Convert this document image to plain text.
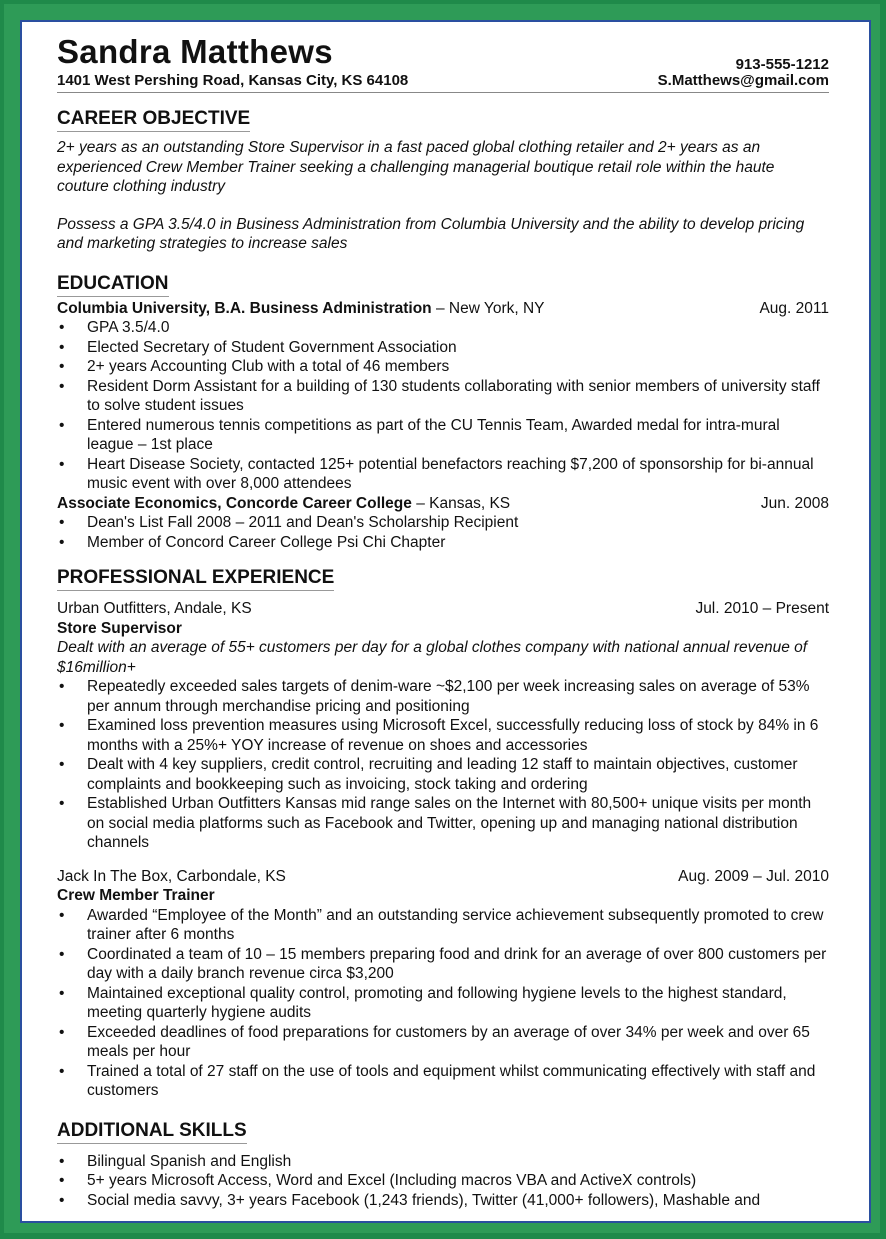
Sandra Matthews	913-555-1212
1401 West Pershing Road, Kansas City, KS 64108	S.Matthews@gmail.com
CAREER OBJECTIVE

2+ years as an outstanding Store Supervisor in a fast paced global clothing retailer and 2+ years as an experienced Crew Member Trainer seeking a challenging managerial boutique retail role within the haute couture clothing industry

Possess a GPA 3.5/4.0 in Business Administration from Columbia University and the ability to develop pricing and marketing strategies to increase sales

EDUCATION
Columbia University, B.A. Business Administration – New York, NY	Aug. 2011
• GPA 3.5/4.0
• Elected Secretary of Student Government Association
• 2+ years Accounting Club with a total of 46 members
• Resident Dorm Assistant for a building of 130 students collaborating with senior members of university staff to solve student issues
• Entered numerous tennis competitions as part of the CU Tennis Team, Awarded medal for intra-mural league – 1st place
• Heart Disease Society, contacted 125+ potential benefactors reaching $7,200 of sponsorship for bi-annual music event with over 8,000 attendees
Associate Economics, Concorde Career College – Kansas, KS	Jun. 2008
• Dean's List Fall 2008 – 2011 and Dean's Scholarship Recipient
• Member of Concord Career College Psi Chi Chapter
PROFESSIONAL EXPERIENCE
Urban Outfitters, Andale, KS	Jul. 2010 – Present
Store Supervisor
Dealt with an average of 55+ customers per day for a global clothes company with national annual revenue of $16million+
• Repeatedly exceeded sales targets of denim-ware ~$2,100 per week increasing sales on average of 53% per annum through merchandise pricing and positioning
• Examined loss prevention measures using Microsoft Excel, successfully reducing loss of stock by 84% in 6 months with a 25%+ YOY increase of revenue on shoes and accessories
• Dealt with 4 key suppliers, credit control, recruiting and leading 12 staff to maintain objectives, customer complaints and bookkeeping such as invoicing, stock taking and ordering
• Established Urban Outfitters Kansas mid range sales on the Internet with 80,500+ unique visits per month on social media platforms such as Facebook and Twitter, opening up and managing national distribution channels
Jack In The Box, Carbondale, KS	Aug. 2009 – Jul. 2010
Crew Member Trainer
• Awarded “Employee of the Month” and an outstanding service achievement subsequently promoted to crew trainer after 6 months
• Coordinated a team of 10 – 15 members preparing food and drink for an average of over 800 customers per day with a daily branch revenue circa $3,200
• Maintained exceptional quality control, promoting and following hygiene levels to the highest standard, meeting quarterly hygiene audits
• Exceeded deadlines of food preparations for customers by an average of over 34% per week and over 65 meals per hour
• Trained a total of 27 staff on the use of tools and equipment whilst communicating effectively with staff and customers
ADDITIONAL SKILLS
• Bilingual Spanish and English
• 5+ years Microsoft Access, Word and Excel (Including macros VBA and ActiveX controls)
• Social media savvy, 3+ years Facebook (1,243 friends), Twitter (41,000+ followers), Mashable and
